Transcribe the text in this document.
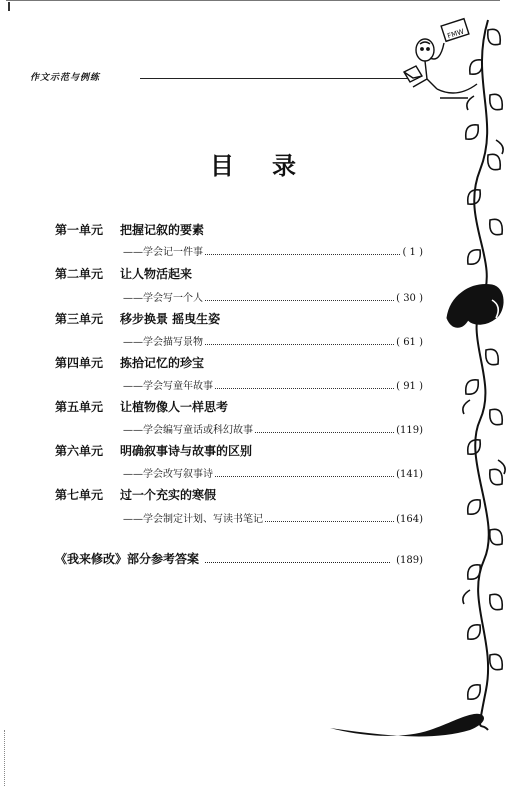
作文示范与例练
目录
第一单元 把握记叙的要素
——学会记一件事	( 1 )
第二单元 让人物活起来
——学会写一个人	( 30 )
第三单元 移步换景 摇曳生姿
——学会描写景物	( 61 )
第四单元 拣拾记忆的珍宝
——学会写童年故事	( 91 )
第五单元 让植物像人一样思考
——学会编写童话或科幻故事	(119)
第六单元 明确叙事诗与故事的区别
——学会改写叙事诗	(141)
第七单元 过一个充实的寒假
——学会制定计划、写读书笔记	(164)
《我来修改》部分参考答案	(189)
FMW
